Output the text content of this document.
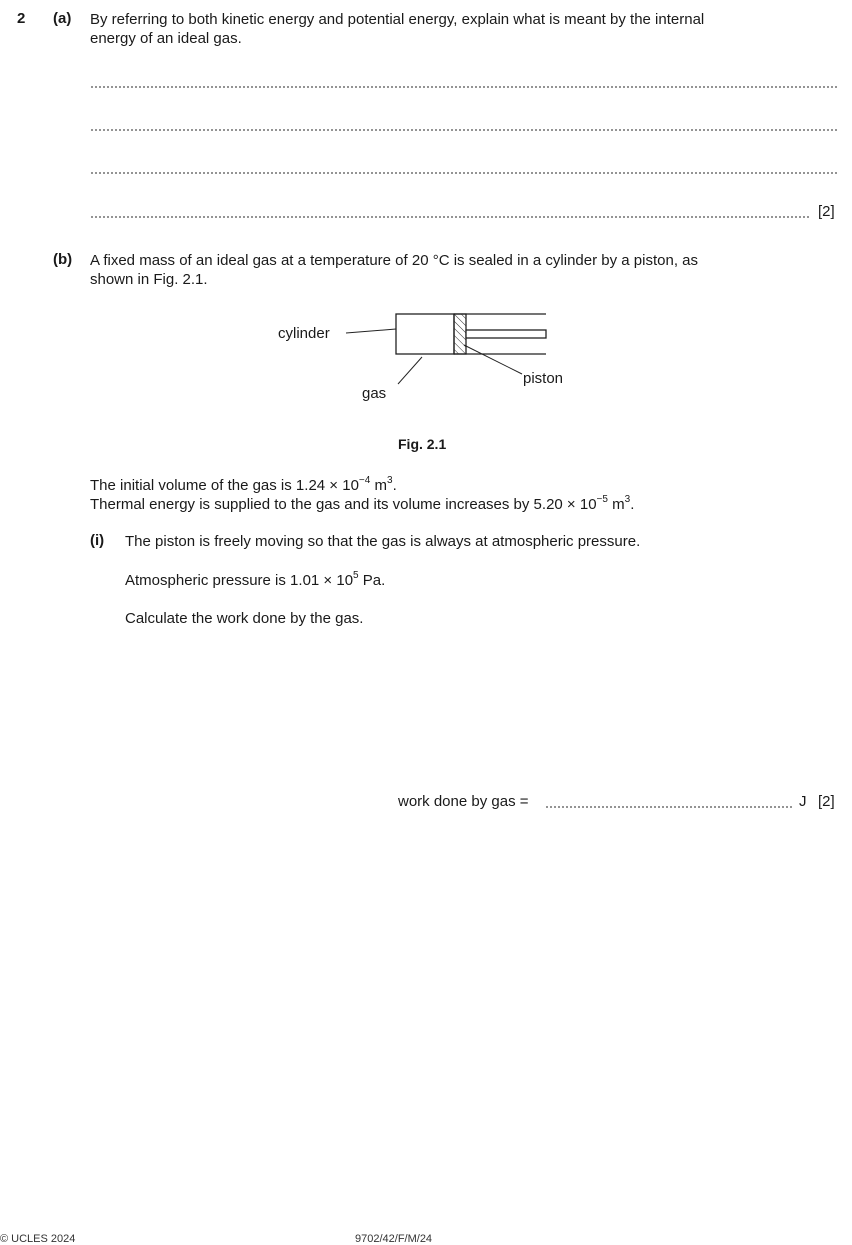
2 (a) By referring to both kinetic energy and potential energy, explain what is meant by the internal
energy of an ideal gas.
[2]
(b) A fixed mass of an ideal gas at a temperature of 20 °C is sealed in a cylinder by a piston, as
shown in Fig. 2.1.
cylinder
gas
piston
Fig. 2.1
The initial volume of the gas is $1.24 \times 10^{-4}$ $m^3$.
Thermal energy is supplied to the gas and its volume increases by $5.20 \times 10^{-5}$ $m^3$.
(i) The piston is freely moving so that the gas is always at atmospheric pressure.
Atmospheric pressure is $1.01 \times 10^5$ Pa.
Calculate the work done by the gas.
work done by gas =	J [2]
© UCLES 2024	9702/42/F/M/24
